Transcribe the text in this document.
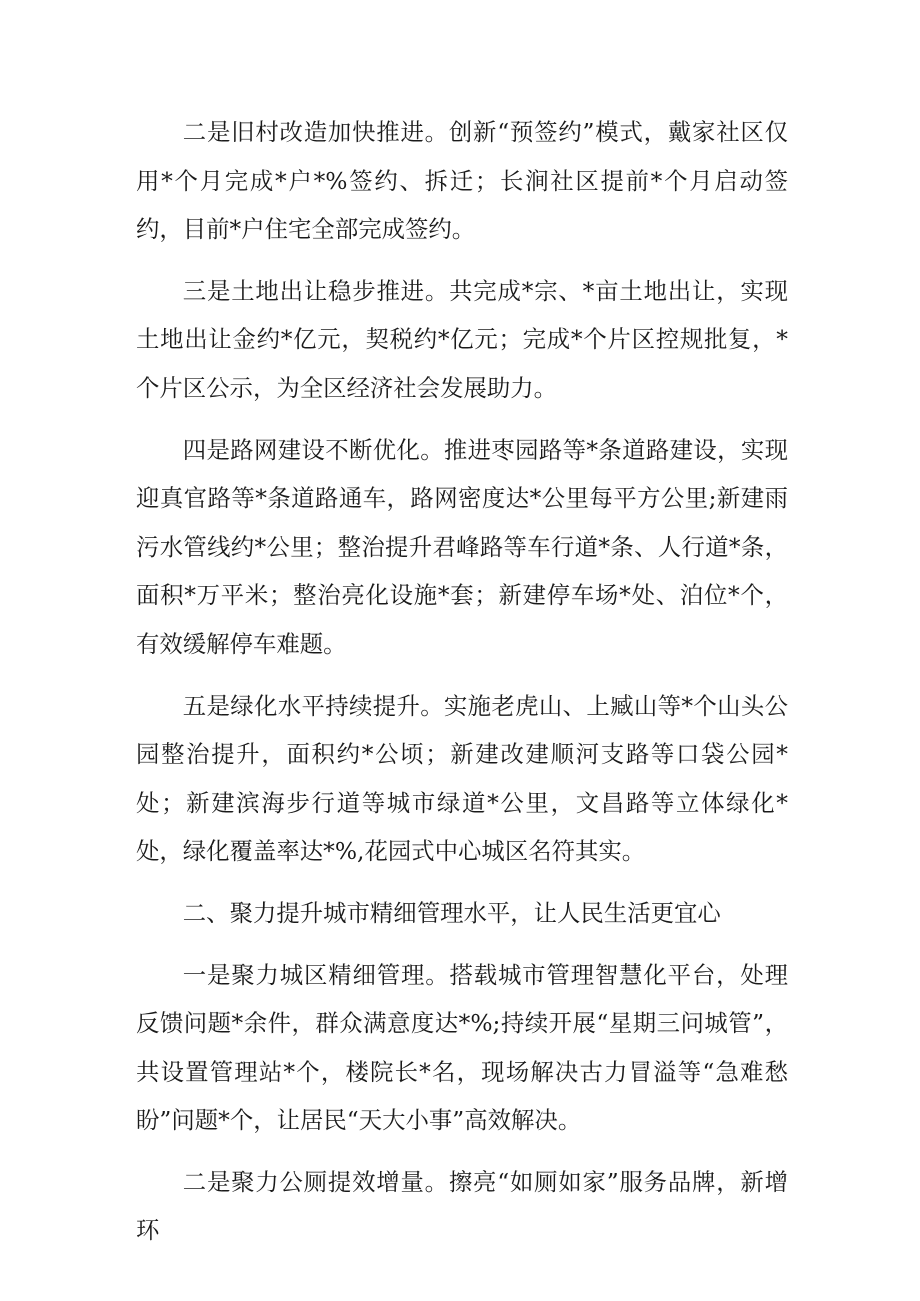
二是旧村改造加快推进。创新“预签约”模式，戴家社区仅用*个月完成*户*%签约、拆迁；长涧社区提前*个月启动签约，目前*户住宅全部完成签约。

三是土地出让稳步推进。共完成*宗、*亩土地出让，实现土地出让金约*亿元，契税约*亿元；完成*个片区控规批复，*个片区公示，为全区经济社会发展助力。

四是路网建设不断优化。推进枣园路等*条道路建设，实现迎真官路等*条道路通车，路网密度达*公里每平方公里;新建雨污水管线约*公里；整治提升君峰路等车行道*条、人行道*条，面积*万平米；整治亮化设施*套；新建停车场*处、泊位*个，有效缓解停车难题。

五是绿化水平持续提升。实施老虎山、上臧山等*个山头公园整治提升，面积约*公顷；新建改建顺河支路等口袋公园*处；新建滨海步行道等城市绿道*公里，文昌路等立体绿化*处，绿化覆盖率达*%,花园式中心城区名符其实。

二、聚力提升城市精细管理水平，让人民生活更宜心

一是聚力城区精细管理。搭载城市管理智慧化平台，处理反馈问题*余件，群众满意度达*%;持续开展“星期三问城管”，共设置管理站*个，楼院长*名，现场解决古力冒溢等“急难愁盼”问题*个，让居民“天大小事”高效解决。

二是聚力公厕提效增量。擦亮“如厕如家”服务品牌，新增环
